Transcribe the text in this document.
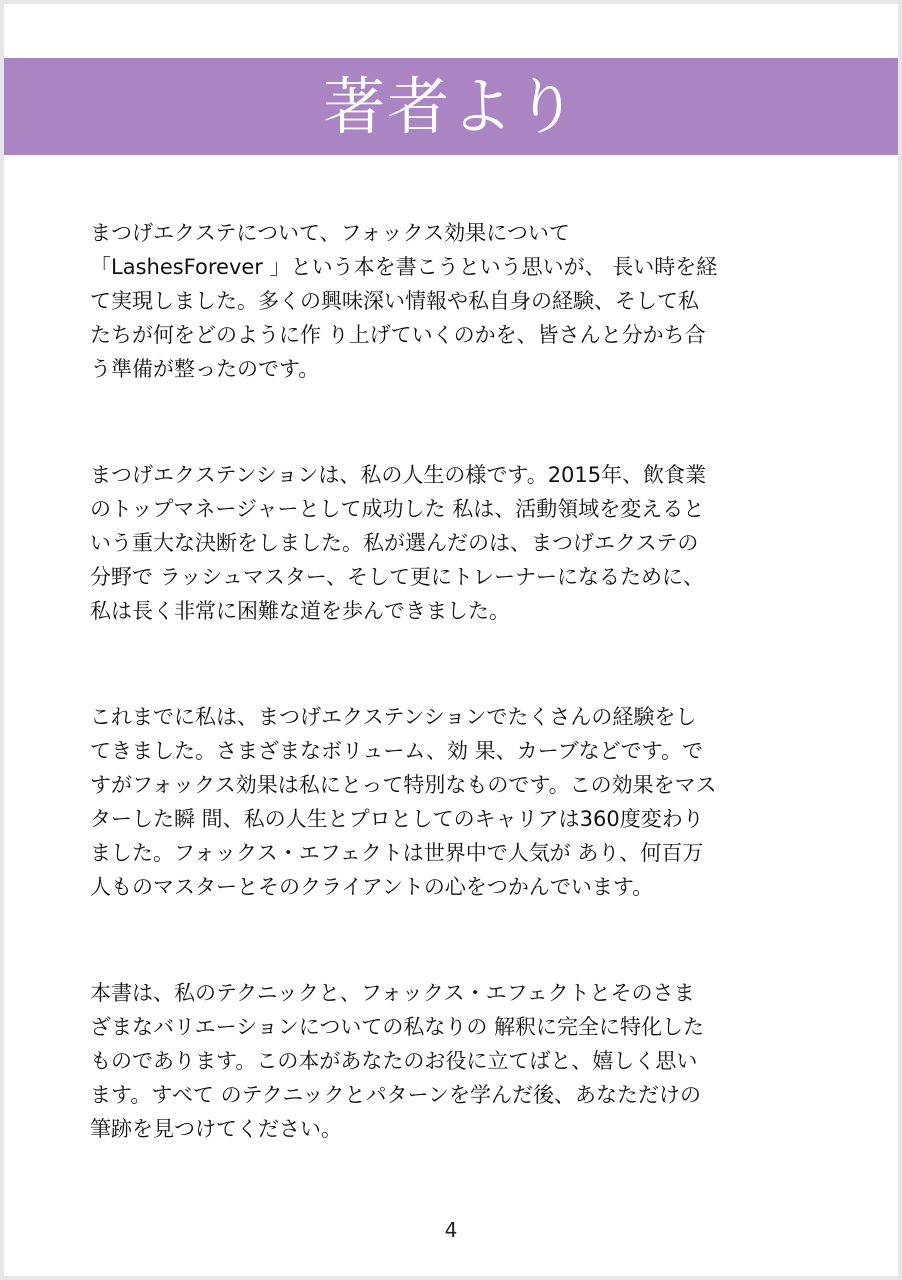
著者より

まつげエクステについて、フォックス効果について
「LashesForever 」という本を書こうという思いが、 長い時を経
て実現しました。多くの興味深い情報や私自身の経験、そして私
たちが何をどのように作 り上げていくのかを、皆さんと分かち合
う準備が整ったのです。

まつげエクステンションは、私の人生の様です。2015年、飲食業
のトップマネージャーとして成功した 私は、活動領域を変えると
いう重大な決断をしました。私が選んだのは、まつげエクステの
分野で ラッシュマスター、そして更にトレーナーになるために、
私は長く非常に困難な道を歩んできました。

これまでに私は、まつげエクステンションでたくさんの経験をし
てきました。さまざまなボリューム、効 果、カーブなどです。で
すがフォックス効果は私にとって特別なものです。この効果をマス
ターした瞬 間、私の人生とプロとしてのキャリアは360度変わり
ました。フォックス・エフェクトは世界中で人気が あり、何百万
人ものマスターとそのクライアントの心をつかんでいます。

本書は、私のテクニックと、フォックス・エフェクトとそのさま
ざまなバリエーションについての私なりの 解釈に完全に特化した
ものであります。この本があなたのお役に立てばと、嬉しく思い
ます。すべて のテクニックとパターンを学んだ後、あなただけの
筆跡を見つけてください。

4
